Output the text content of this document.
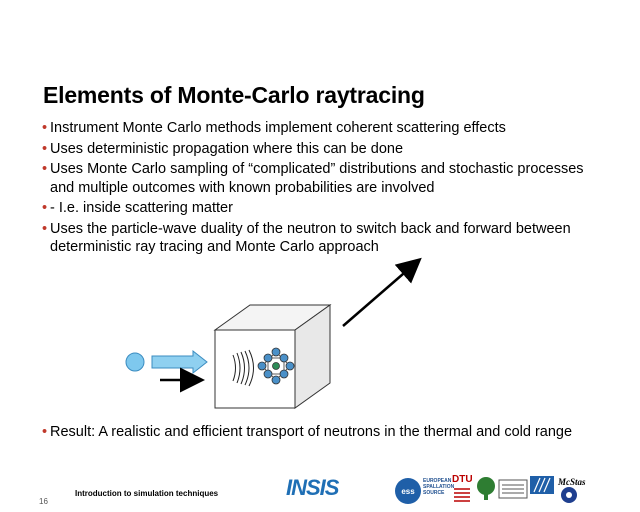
Elements of Monte-Carlo raytracing
• Instrument Monte Carlo methods implement coherent scattering effects
• Uses deterministic propagation where this can be done
• Uses Monte Carlo sampling of “complicated” distributions and stochastic processes and multiple outcomes with known probabilities are involved
• - I.e. inside scattering matter
• Uses the particle-wave duality of the neutron to switch back and forward between deterministic ray tracing and Monte Carlo approach
• Result: A realistic and efficient transport of neutrons in the thermal and cold range
16
Introduction to simulation techniques	INSIS	ess
EUROPEAN
SPALLATION
SOURCE
DTU	McStas
